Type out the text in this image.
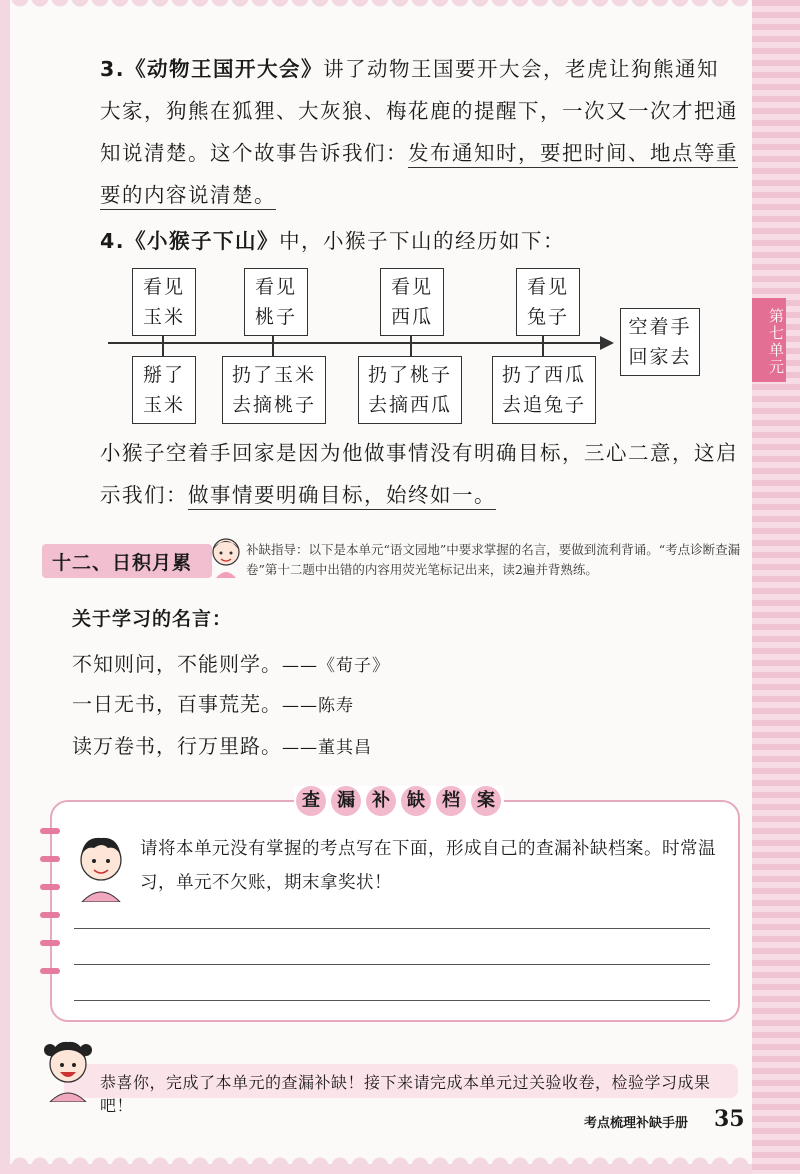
第七单元
3.《动物王国开大会》讲了动物王国要开大会，老虎让狗熊通知大家，狗熊在狐狸、大灰狼、梅花鹿的提醒下，一次又一次才把通知说清楚。这个故事告诉我们：发布通知时，要把时间、地点等重要的内容说清楚。
4.《小猴子下山》中，小猴子下山的经历如下：
看见
玉米
看见
桃子
看见
西瓜
看见
兔子
掰了
玉米
扔了玉米
去摘桃子
扔了桃子
去摘西瓜
扔了西瓜
去追兔子
空着手
回家去
小猴子空着手回家是因为他做事情没有明确目标，三心二意，这启示我们：做事情要明确目标，始终如一。
十二、日积月累
补缺指导：以下是本单元“语文园地”中要求掌握的名言，要做到流利背诵。“考点诊断查漏卷”第十二题中出错的内容用荧光笔标记出来，读2遍并背熟练。
关于学习的名言：
不知则问，不能则学。——《荀子》
一日无书，百事荒芜。——陈寿
读万卷书，行万里路。——董其昌
查 漏 补 缺 档 案
请将本单元没有掌握的考点写在下面，形成自己的查漏补缺档案。时常温习，单元不欠账，期末拿奖状！
恭喜你，完成了本单元的查漏补缺！接下来请完成本单元过关验收卷，检验学习成果吧！
考点梳理补缺手册 35
